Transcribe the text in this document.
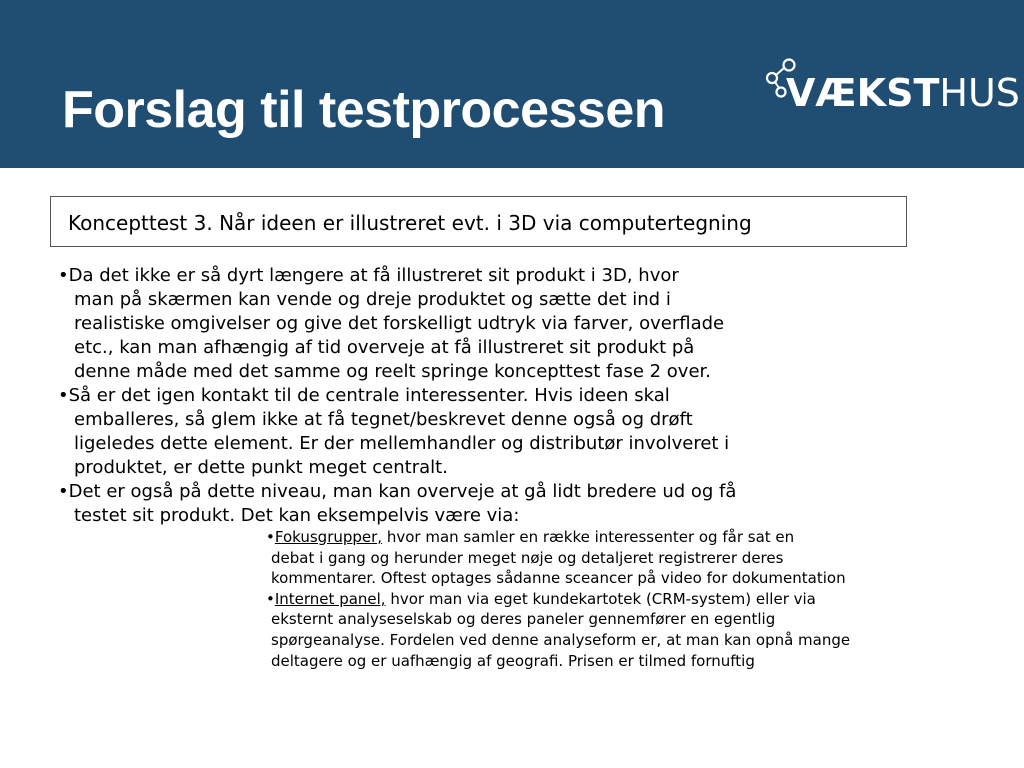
Forslag til testprocessen	VÆKSTHUS
Koncepttest 3. Når ideen er illustreret evt. i 3D via computertegning

•Da det ikke er så dyrt længere at få illustreret sit produkt i 3D, hvor

man på skærmen kan vende og dreje produktet og sætte det ind i

realistiske omgivelser og give det forskelligt udtryk via farver, overflade

etc., kan man afhængig af tid overveje at få illustreret sit produkt på

denne måde med det samme og reelt springe koncepttest fase 2 over.

•Så er det igen kontakt til de centrale interessenter. Hvis ideen skal

emballeres, så glem ikke at få tegnet/beskrevet denne også og drøft

ligeledes dette element. Er der mellemhandler og distributør involveret i

produktet, er dette punkt meget centralt.

•Det er også på dette niveau, man kan overveje at gå lidt bredere ud og få

testet sit produkt. Det kan eksempelvis være via:

•Fokusgrupper, hvor man samler en række interessenter og får sat en

debat i gang og herunder meget nøje og detaljeret registrerer deres

kommentarer. Oftest optages sådanne sceancer på video for dokumentation

•Internet panel, hvor man via eget kundekartotek (CRM-system) eller via

eksternt analyseselskab og deres paneler gennemfører en egentlig

spørgeanalyse. Fordelen ved denne analyseform er, at man kan opnå mange

deltagere og er uafhængig af geografi. Prisen er tilmed fornuftig
